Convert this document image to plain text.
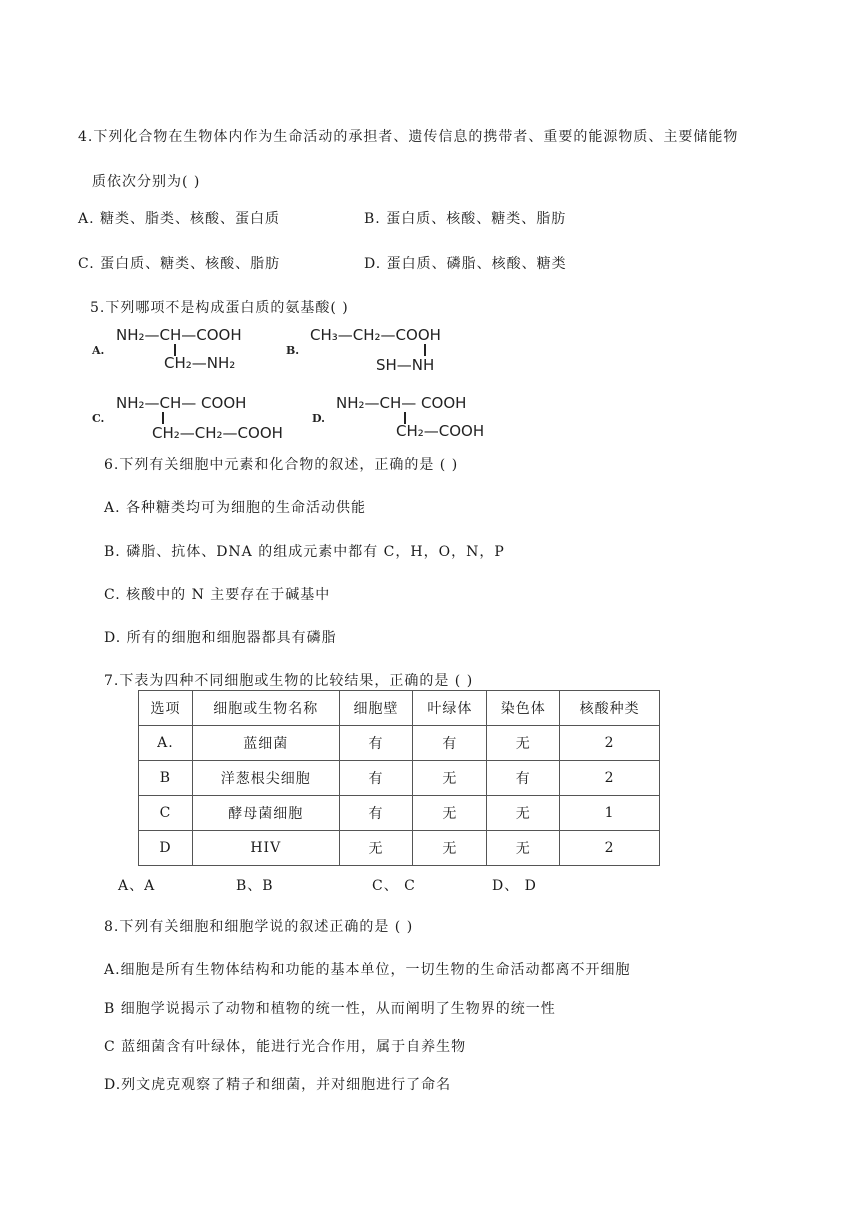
4.下列化合物在生物体内作为生命活动的承担者、遗传信息的携带者、重要的能源物质、主要储能物
质依次分别为( )
A. 糖类、脂类、核酸、蛋白质	B. 蛋白质、核酸、糖类、脂肪
C. 蛋白质、糖类、核酸、脂肪	D. 蛋白质、磷脂、核酸、糖类
5.下列哪项不是构成蛋白质的氨基酸( )
A.
NH₂—CH—COOH
CH₂—NH₂
B.
CH₃—CH₂—COOH
SH—NH
C.
NH₂—CH— COOH
CH₂—CH₂—COOH
D.
NH₂—CH— COOH
CH₂—COOH
6.下列有关细胞中元素和化合物的叙述，正确的是 ( )
A. 各种糖类均可为细胞的生命活动供能
B. 磷脂、抗体、DNA 的组成元素中都有 C，H，O，N，P
C. 核酸中的 N 主要存在于碱基中
D. 所有的细胞和细胞器都具有磷脂
7.下表为四种不同细胞或生物的比较结果，正确的是 ( )
选项	细胞或生物名称	细胞壁	叶绿体	染色体	核酸种类
A.	蓝细菌	有	有	无	2
B	洋葱根尖细胞	有	无	有	2
C	酵母菌细胞	有	无	无	1
D	HIV	无	无	无	2
A、A	B、B	C、 C	D、 D
8.下列有关细胞和细胞学说的叙述正确的是 ( )
A.细胞是所有生物体结构和功能的基本单位，一切生物的生命活动都离不开细胞
B 细胞学说揭示了动物和植物的统一性，从而阐明了生物界的统一性
C 蓝细菌含有叶绿体，能进行光合作用，属于自养生物
D.列文虎克观察了精子和细菌，并对细胞进行了命名
